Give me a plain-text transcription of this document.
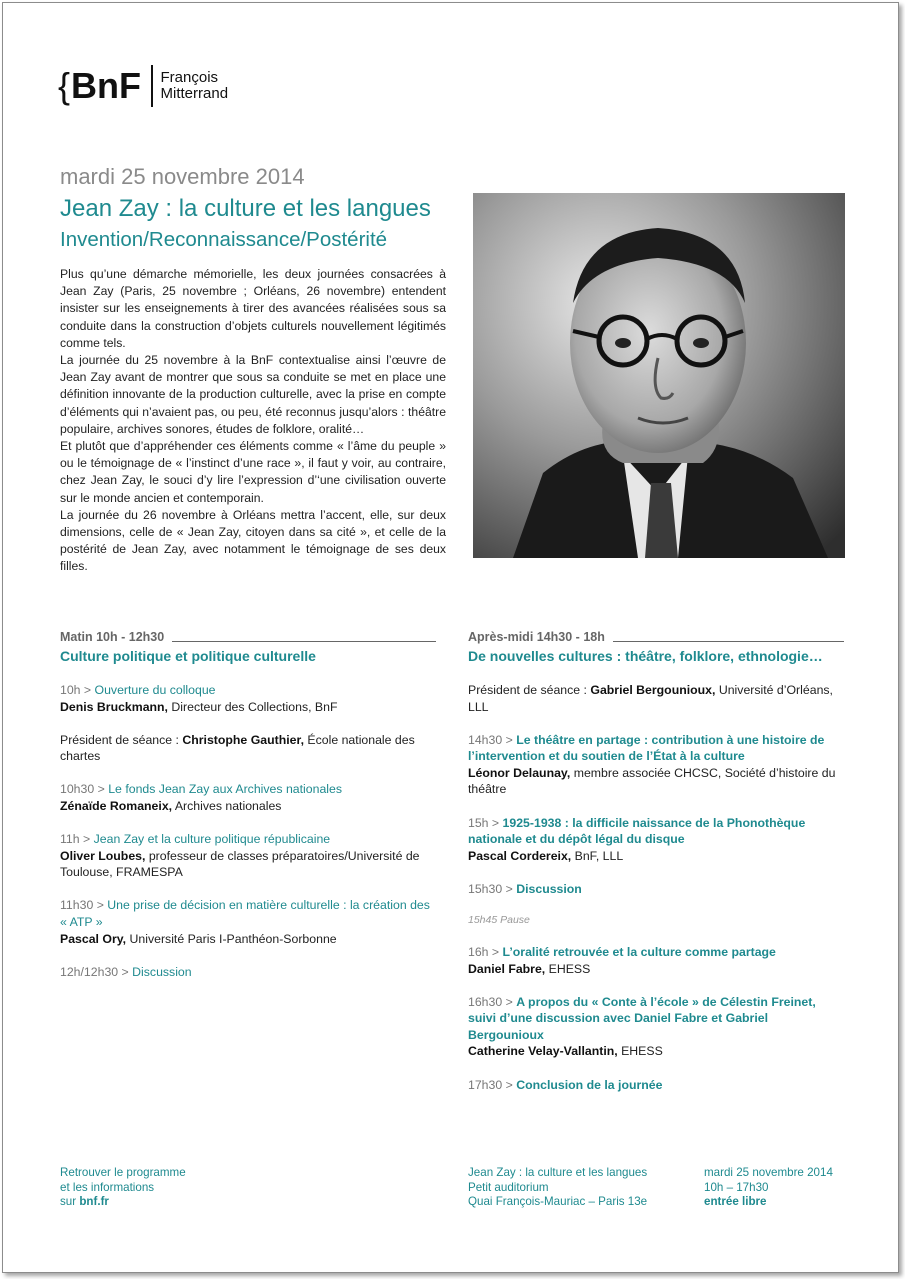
{BnF François
Mitterrand
mardi 25 novembre 2014
Jean Zay : la culture et les langues
Invention/Reconnaissance/Postérité

Plus qu’une démarche mémorielle, les deux journées consacrées à Jean Zay (Paris, 25 novembre ; Orléans, 26 novembre) entendent insister sur les enseignements à tirer des avancées réalisées sous sa conduite dans la construction d’objets culturels nouvellement légitimés comme tels.

La journée du 25 novembre à la BnF contextualise ainsi l’œuvre de Jean Zay avant de montrer que sous sa conduite se met en place une définition innovante de la production culturelle, avec la prise en compte d’éléments qui n’avaient pas, ou peu, été reconnus jusqu’alors : théâtre populaire, archives sonores, études de folklore, oralité…

Et plutôt que d’appréhender ces éléments comme « l’âme du peuple » ou le témoignage de « l’instinct d’une race », il faut y voir, au contraire, chez Jean Zay, le souci d’y lire l’expression d’‘une civilisation ouverte sur le monde ancien et contemporain.

La journée du 26 novembre à Orléans mettra l’accent, elle, sur deux dimensions, celle de « Jean Zay, citoyen dans sa cité », et celle de la postérité de Jean Zay, avec notamment le témoignage de ses deux filles.

Matin 10h - 12h30
Culture politique et politique culturelle
10h > Ouverture du colloque
Denis Bruckmann, Directeur des Collections, BnF
Président de séance : Christophe Gauthier, École nationale des chartes
10h30 > Le fonds Jean Zay aux Archives nationales
Zénaïde Romaneix, Archives nationales
11h > Jean Zay et la culture politique républicaine
Oliver Loubes, professeur de classes préparatoires/Université de Toulouse, FRAMESPA
11h30 > Une prise de décision en matière culturelle : la création des « ATP »
Pascal Ory, Université Paris I-Panthéon-Sorbonne
12h/12h30 > Discussion
Après-midi 14h30 - 18h
De nouvelles cultures : théâtre, folklore, ethnologie…
Président de séance : Gabriel Bergounioux, Université d’Orléans, LLL
14h30 > Le théâtre en partage : contribution à une histoire de l’intervention et du soutien de l’État à la culture
Léonor Delaunay, membre associée CHCSC, Société d’histoire du théâtre
15h > 1925-1938 : la difficile naissance de la Phonothèque nationale et du dépôt légal du disque
Pascal Cordereix, BnF, LLL
15h30 > Discussion
15h45 Pause
16h > L’oralité retrouvée et la culture comme partage
Daniel Fabre, EHESS
16h30 > A propos du « Conte à l’école » de Célestin Freinet, suivi d’une discussion avec Daniel Fabre et Gabriel Bergounioux
Catherine Velay-Vallantin, EHESS
17h30 > Conclusion de la journée
Retrouver le programme
et les informations
sur bnf.fr
Jean Zay : la culture et les langues
Petit auditorium
Quai François-Mauriac – Paris 13e
mardi 25 novembre 2014
10h – 17h30
entrée libre
